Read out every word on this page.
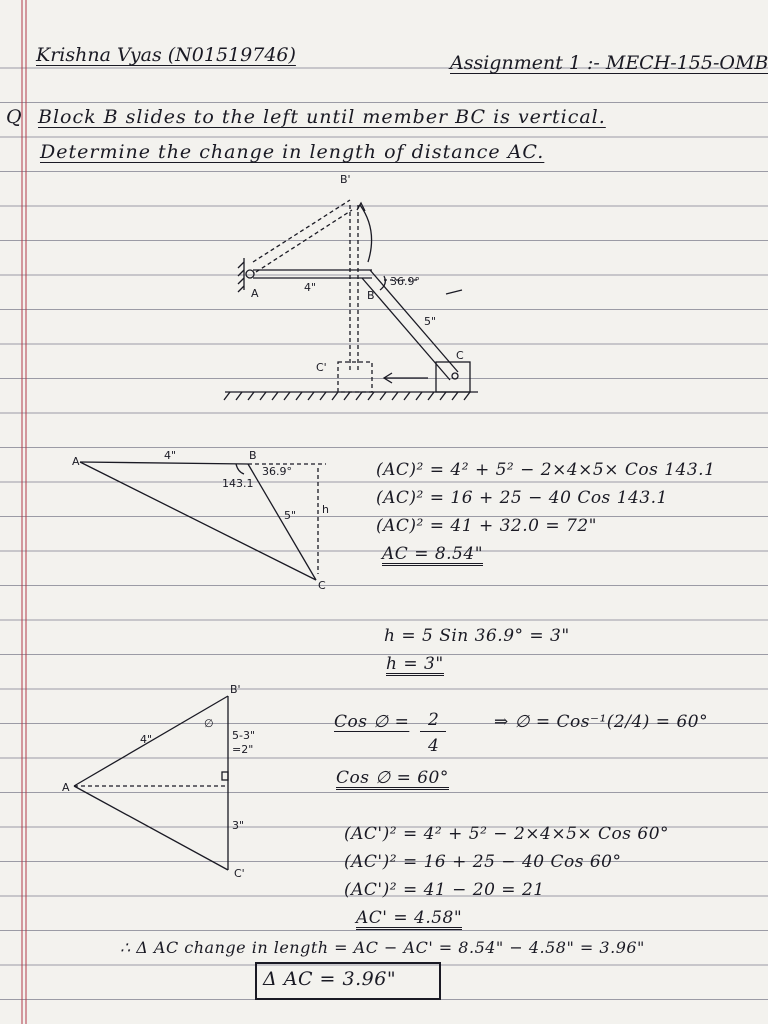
Krishna Vyas (N01519746)	Assignment 1 :- MECH-155-OMB
Q Block B slides to the left until member BC is vertical.
Determine the change in length of distance AC.
B'
A	4"
B
36.9°
5"
C
C'
A	4"	B
36.9°
143.1
5" h
C
(AC)² = 4² + 5² − 2×4×5× Cos 143.1
(AC)² = 16 + 25 − 40 Cos 143.1
(AC)² = 41 + 32.0 = 72"
AC = 8.54"
h = 5 Sin 36.9° = 3"
h = 3"
B'
∅
4"	5-3"
=2"
A
3"
C'
Cos ∅ = 2
4
⇒ ∅ = Cos⁻¹(2/4) = 60°
Cos ∅ = 60°
(AC')² = 4² + 5² − 2×4×5× Cos 60°
(AC')² = 16 + 25 − 40 Cos 60°
(AC')² = 41 − 20 = 21
AC' = 4.58"
∴ Δ AC change in length = AC − AC' = 8.54" − 4.58" = 3.96"
Δ AC = 3.96"
